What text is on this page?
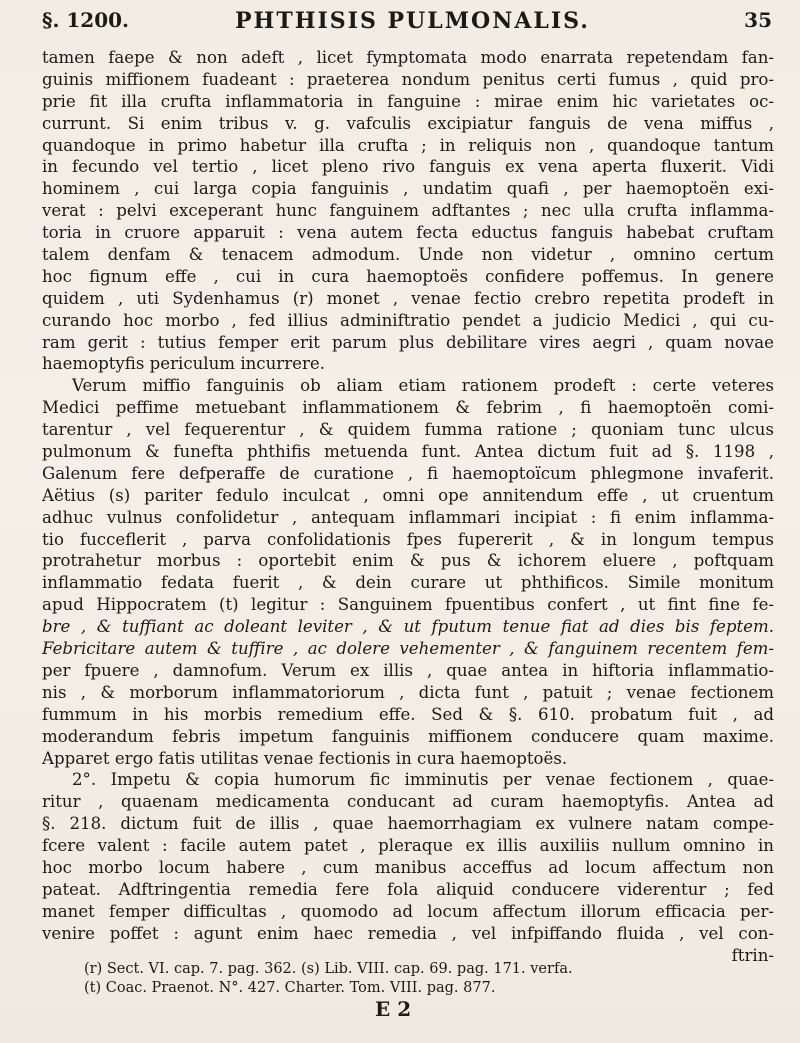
§. 1200.	PHTHISIS PULMONALIS.	35
tamen faepe & non adeft , licet fymptomata modo enarrata repetendam fan-
guinis miffionem fuadeant : praeterea nondum penitus certi fumus , quid pro-
prie fit illa crufta inflammatoria in fanguine : mirae enim hic varietates oc-
currunt. Si enim tribus v. g. vafculis excipiatur fanguis de vena miffus ,
quandoque in primo habetur illa crufta ; in reliquis non , quandoque tantum
in fecundo vel tertio , licet pleno rivo fanguis ex vena aperta fluxerit. Vidi
hominem , cui larga copia fanguinis , undatim quafi , per haemoptoën exi-
verat : pelvi exceperant hunc fanguinem adftantes ; nec ulla crufta inflamma-
toria in cruore apparuit : vena autem fecta eductus fanguis habebat cruftam
talem denfam & tenacem admodum. Unde non videtur , omnino certum
hoc fignum effe , cui in cura haemoptoës confidere poffemus. In genere
quidem , uti Sydenhamus (r) monet , venae fectio crebro repetita prodeft in
curando hoc morbo , fed illius adminiftratio pendet a judicio Medici , qui cu-
ram gerit : tutius femper erit parum plus debilitare vires aegri , quam novae
haemoptyfis periculum incurrere.
Verum miffio fanguinis ob aliam etiam rationem prodeft : certe veteres
Medici peffime metuebant inflammationem & febrim , fi haemoptoën comi-
tarentur , vel fequerentur , & quidem fumma ratione ; quoniam tunc ulcus
pulmonum & funefta phthifis metuenda funt. Antea dictum fuit ad §. 1198 ,
Galenum fere defperaffe de curatione , fi haemoptoïcum phlegmone invaferit.
Aëtius (s) pariter fedulo inculcat , omni ope annitendum effe , ut cruentum
adhuc vulnus confolidetur , antequam inflammari incipiat : fi enim inflamma-
tio fucceflerit , parva confolidationis fpes fupererit , & in longum tempus
protrahetur morbus : oportebit enim & pus & ichorem eluere , poftquam
inflammatio fedata fuerit , & dein curare ut phthificos. Simile monitum
apud Hippocratem (t) legitur : Sanguinem fpuentibus confert , ut fint fine fe-
bre , & tuffiant ac doleant leviter , & ut fputum tenue fiat ad dies bis feptem.
Febricitare autem & tuffire , ac dolere vehementer , & fanguinem recentem fem-
per fpuere , damnofum. Verum ex illis , quae antea in hiftoria inflammatio-
nis , & morborum inflammatoriorum , dicta funt , patuit ; venae fectionem
fummum in his morbis remedium effe. Sed & §. 610. probatum fuit , ad
moderandum febris impetum fanguinis miffionem conducere quam maxime.
Apparet ergo fatis utilitas venae fectionis in cura haemoptoës.
2°. Impetu & copia humorum fic imminutis per venae fectionem , quae-
ritur , quaenam medicamenta conducant ad curam haemoptyfis. Antea ad
§. 218. dictum fuit de illis , quae haemorrhagiam ex vulnere natam compe-
fcere valent : facile autem patet , pleraque ex illis auxiliis nullum omnino in
hoc morbo locum habere , cum manibus acceffus ad locum affectum non
pateat. Adftringentia remedia fere fola aliquid conducere viderentur ; fed
manet femper difficultas , quomodo ad locum affectum illorum efficacia per-
venire poffet : agunt enim haec remedia , vel infpiffando fluida , vel con-
ftrin-
(r) Sect. VI. cap. 7. pag. 362. (s) Lib. VIII. cap. 69. pag. 171. verfa.
(t) Coac. Praenot. N°. 427. Charter. Tom. VIII. pag. 877.
E 2
